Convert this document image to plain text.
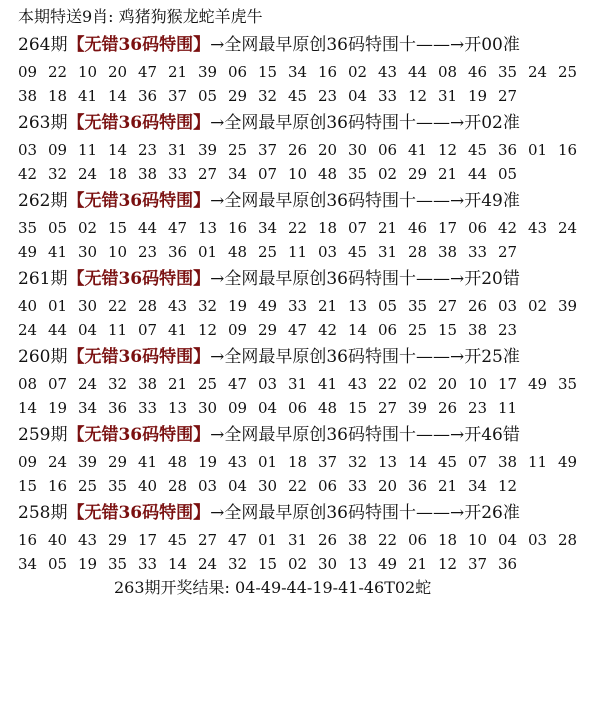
本期特送9肖: 鸡猪狗猴龙蛇羊虎牛
264期【无错36码特围】→全网最早原创36码特围十——→开00准
09 22 10 20 47 21 39 06 15 34 16 02 43 44 08 46 35 24 25
38 18 41 14 36 37 05 29 32 45 23 04 33 12 31 19 27
263期【无错36码特围】→全网最早原创36码特围十——→开02准
03 09 11 14 23 31 39 25 37 26 20 30 06 41 12 45 36 01 16
42 32 24 18 38 33 27 34 07 10 48 35 02 29 21 44 05
262期【无错36码特围】→全网最早原创36码特围十——→开49准
35 05 02 15 44 47 13 16 34 22 18 07 21 46 17 06 42 43 24
49 41 30 10 23 36 01 48 25 11 03 45 31 28 38 33 27
261期【无错36码特围】→全网最早原创36码特围十——→开20错
40 01 30 22 28 43 32 19 49 33 21 13 05 35 27 26 03 02 39
24 44 04 11 07 41 12 09 29 47 42 14 06 25 15 38 23
260期【无错36码特围】→全网最早原创36码特围十——→开25准
08 07 24 32 38 21 25 47 03 31 41 43 22 02 20 10 17 49 35
14 19 34 36 33 13 30 09 04 06 48 15 27 39 26 23 11
259期【无错36码特围】→全网最早原创36码特围十——→开46错
09 24 39 29 41 48 19 43 01 18 37 32 13 14 45 07 38 11 49
15 16 25 35 40 28 03 04 30 22 06 33 20 36 21 34 12
258期【无错36码特围】→全网最早原创36码特围十——→开26准
16 40 43 29 17 45 27 47 01 31 26 38 22 06 18 10 04 03 28
34 05 19 35 33 14 24 32 15 02 30 13 49 21 12 37 36
263期开奖结果: 04-49-44-19-41-46T02蛇
